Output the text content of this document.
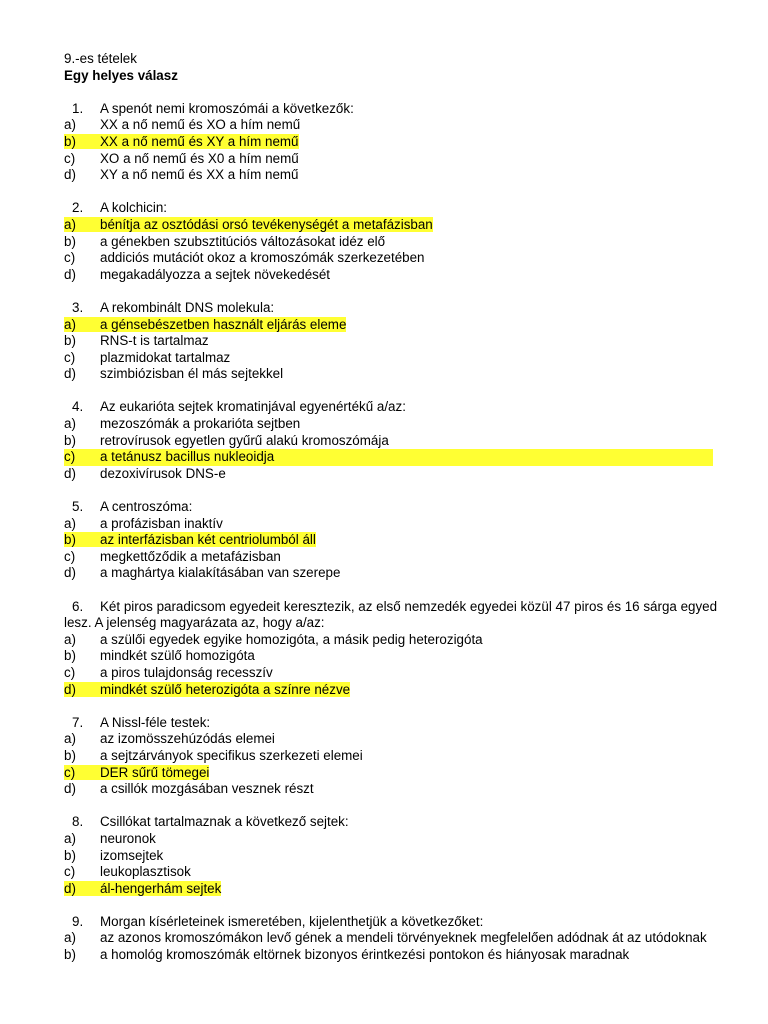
9.-es tételek
Egy helyes válasz
1. A spenót nemi kromoszómái a következők:
a) XX a nő nemű és XO a hím nemű
b) XX a nő nemű és XY a hím nemű
c) XO a nő nemű és X0 a hím nemű
d) XY a nő nemű és XX a hím nemű
2. A kolchicin:
a) bénítja az osztódási orsó tevékenységét a metafázisban
b) a génekben szubsztitúciós változásokat idéz elő
c) addiciós mutációt okoz a kromoszómák szerkezetében
d) megakadályozza a sejtek növekedését
3. A rekombinált DNS molekula:
a) a génsebészetben használt eljárás eleme
b) RNS-t is tartalmaz
c) plazmidokat tartalmaz
d) szimbiózisban él más sejtekkel
4. Az eukarióta sejtek kromatinjával egyenértékű a/az:
a) mezoszómák a prokarióta sejtben
b) retrovírusok egyetlen gyűrű alakú kromoszómája
c) a tetánusz bacillus nukleoidja
d) dezoxivírusok DNS-e
5. A centroszóma:
a) a profázisban inaktív
b) az interfázisban két centriolumból áll
c) megkettőződik a metafázisban
d) a maghártya kialakításában van szerepe
6. Két piros paradicsom egyedeit keresztezik, az első nemzedék egyedei közül 47 piros és 16 sárga egyed lesz. A jelenség magyarázata az, hogy a/az:
a) a szülői egyedek egyike homozigóta, a másik pedig heterozigóta
b) mindkét szülő homozigóta
c) a piros tulajdonság recesszív
d) mindkét szülő heterozigóta a színre nézve
7. A Nissl-féle testek:
a) az izomösszehúzódás elemei
b) a sejtzárványok specifikus szerkezeti elemei
c) DER sűrű tömegei
d) a csillók mozgásában vesznek részt
8. Csillókat tartalmaznak a következő sejtek:
a) neuronok
b) izomsejtek
c) leukoplasztisok
d) ál-hengerhám sejtek
9. Morgan kísérleteinek ismeretében, kijelenthetjük a következőket:
a) az azonos kromoszómákon levő gének a mendeli törvényeknek megfelelően adódnak át az utódoknak
b) a homológ kromoszómák eltörnek bizonyos érintkezési pontokon és hiányosak maradnak
